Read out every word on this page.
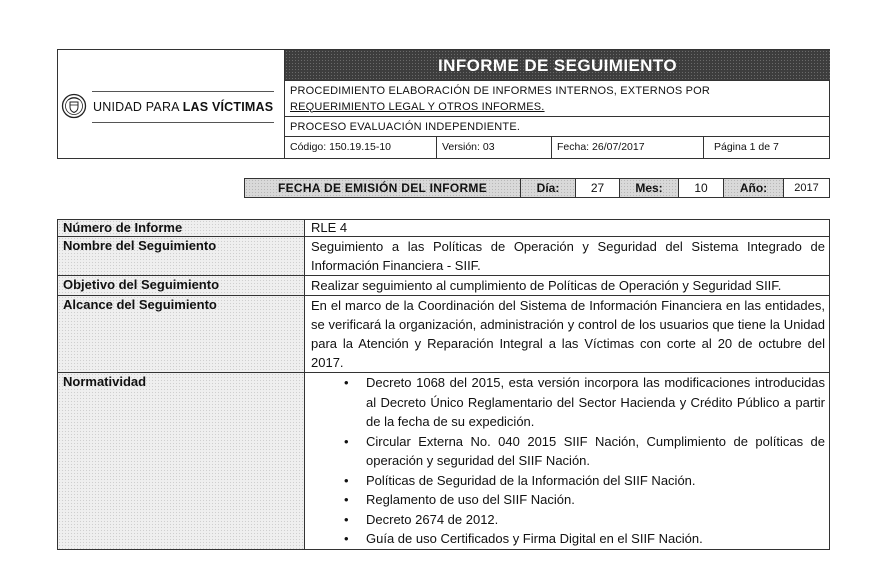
UNIDAD PARA LAS VÍCTIMAS
INFORME DE SEGUIMIENTO
PROCEDIMIENTO ELABORACIÓN DE INFORMES INTERNOS, EXTERNOS POR
REQUERIMIENTO LEGAL Y OTROS INFORMES.
PROCESO EVALUACIÓN INDEPENDIENTE.
Código: 150.19.15-10	Versión: 03	Fecha: 26/07/2017	Página 1 de 7
FECHA DE EMISIÓN DEL INFORME	Día:	27	Mes:	10	Año:	2017
Número de Informe	RLE 4
Nombre del Seguimiento	Seguimiento a las Políticas de Operación y Seguridad del Sistema Integrado de Información Financiera - SIIF.
Objetivo del Seguimiento	Realizar seguimiento al cumplimiento de Políticas de Operación y Seguridad SIIF.
Alcance del Seguimiento	En el marco de la Coordinación del Sistema de Información Financiera en las entidades, se verificará la organización, administración y control de los usuarios que tiene la Unidad para la Atención y Reparación Integral a las Víctimas con corte al 20 de octubre del 2017.
Normatividad
•	Decreto 1068 del 2015, esta versión incorpora las modificaciones introducidas al Decreto Único Reglamentario del Sector Hacienda y Crédito Público a partir de la fecha de su expedición.
• Circular Externa No. 040 2015 SIIF Nación, Cumplimiento de políticas de operación y seguridad del SIIF Nación.
• Políticas de Seguridad de la Información del SIIF Nación.
• Reglamento de uso del SIIF Nación.
• Decreto 2674 de 2012.
• Guía de uso Certificados y Firma Digital en el SIIF Nación.
